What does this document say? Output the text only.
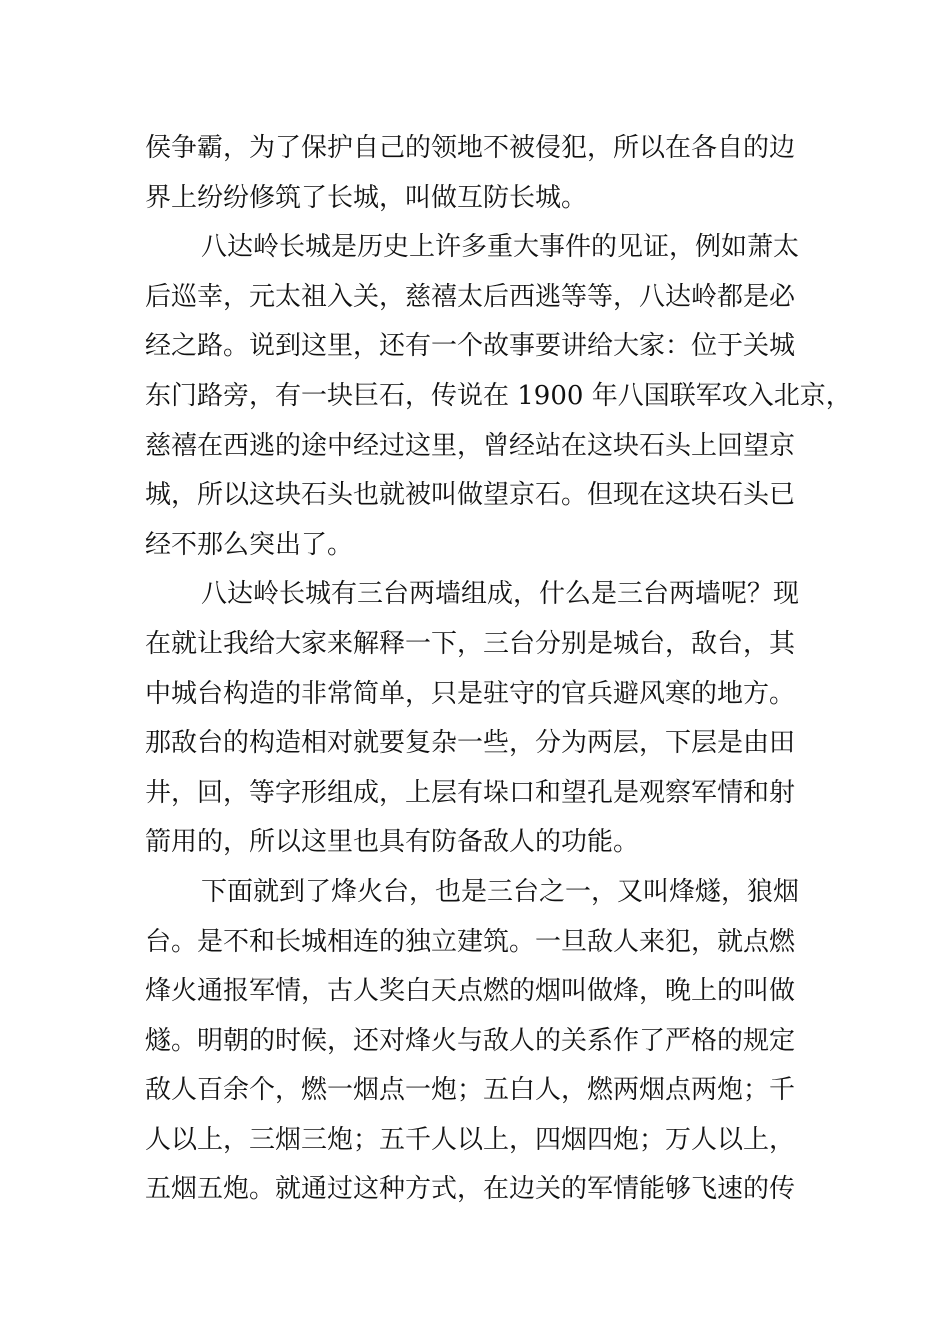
侯争霸，为了保护自己的领地不被侵犯，所以在各自的边
界上纷纷修筑了长城，叫做互防长城。
八达岭长城是历史上许多重大事件的见证，例如萧太
后巡幸，元太祖入关，慈禧太后西逃等等，八达岭都是必
经之路。说到这里，还有一个故事要讲给大家：位于关城
东门路旁，有一块巨石，传说在 1900 年八国联军攻入北京，
慈禧在西逃的途中经过这里，曾经站在这块石头上回望京
城，所以这块石头也就被叫做望京石。但现在这块石头已
经不那么突出了。
八达岭长城有三台两墙组成，什么是三台两墙呢？现
在就让我给大家来解释一下，三台分别是城台，敌台，其
中城台构造的非常简单，只是驻守的官兵避风寒的地方。
那敌台的构造相对就要复杂一些，分为两层，下层是由田
井，回，等字形组成，上层有垛口和望孔是观察军情和射
箭用的，所以这里也具有防备敌人的功能。
下面就到了烽火台，也是三台之一，又叫烽燧，狼烟
台。是不和长城相连的独立建筑。一旦敌人来犯，就点燃
烽火通报军情，古人奖白天点燃的烟叫做烽，晚上的叫做
燧。明朝的时候，还对烽火与敌人的关系作了严格的规定
敌人百余个，燃一烟点一炮；五白人，燃两烟点两炮；千
人以上，三烟三炮；五千人以上，四烟四炮；万人以上，
五烟五炮。就通过这种方式，在边关的军情能够飞速的传
